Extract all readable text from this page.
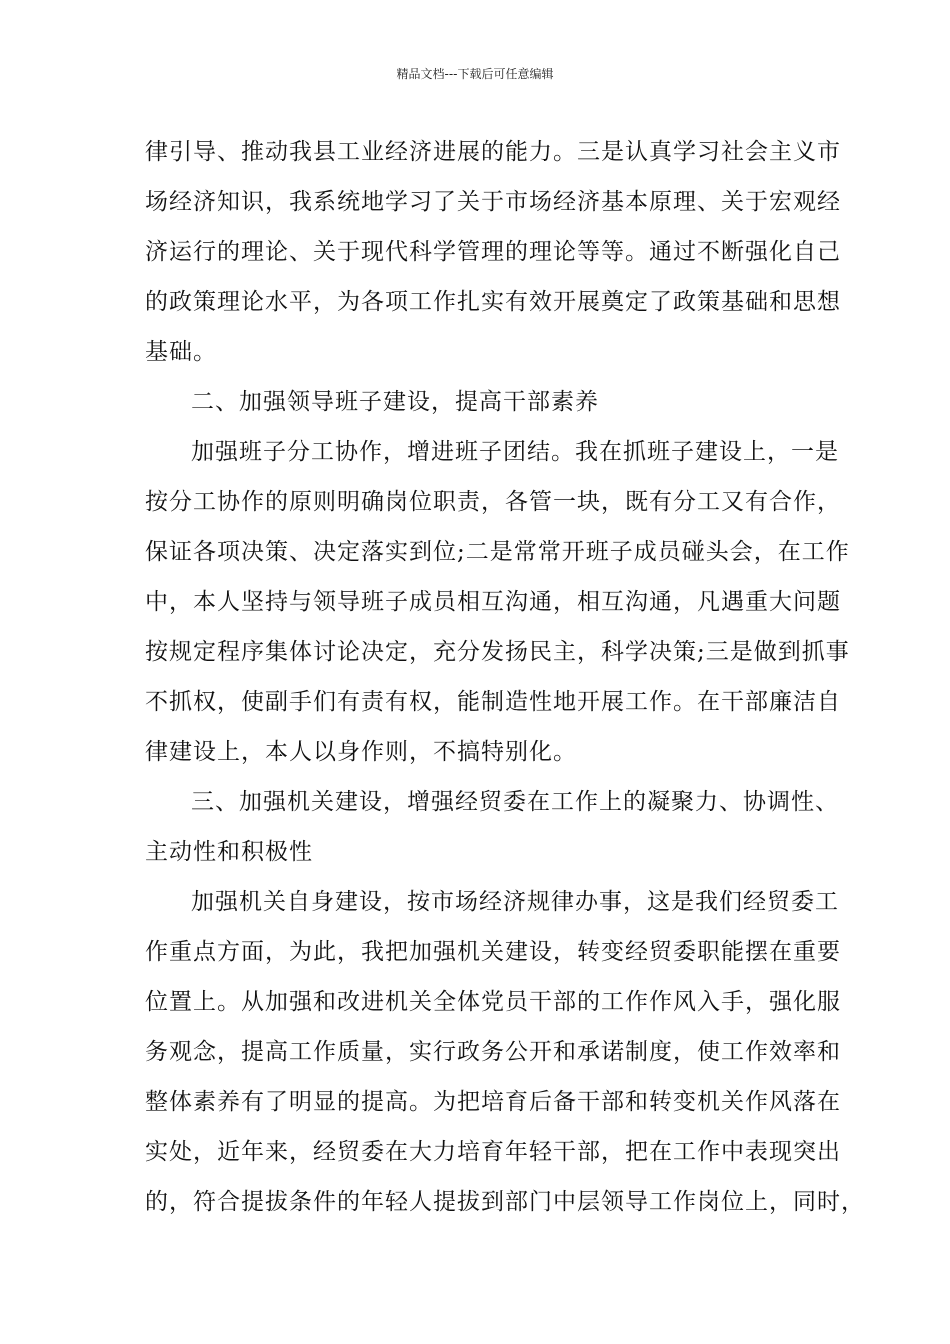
精品文档---下载后可任意编辑
律引导、推动我县工业经济进展的能力。三是认真学习社会主义市
场经济知识，我系统地学习了关于市场经济基本原理、关于宏观经
济运行的理论、关于现代科学管理的理论等等。通过不断强化自己
的政策理论水平，为各项工作扎实有效开展奠定了政策基础和思想
基础。
二、加强领导班子建设，提高干部素养
加强班子分工协作，增进班子团结。我在抓班子建设上，一是
按分工协作的原则明确岗位职责，各管一块，既有分工又有合作，
保证各项决策、决定落实到位;二是常常开班子成员碰头会，在工作
中，本人坚持与领导班子成员相互沟通，相互沟通，凡遇重大问题
按规定程序集体讨论决定，充分发扬民主，科学决策;三是做到抓事
不抓权，使副手们有责有权，能制造性地开展工作。在干部廉洁自
律建设上，本人以身作则，不搞特别化。
三、加强机关建设，增强经贸委在工作上的凝聚力、协调性、
主动性和积极性
加强机关自身建设，按市场经济规律办事，这是我们经贸委工
作重点方面，为此，我把加强机关建设，转变经贸委职能摆在重要
位置上。从加强和改进机关全体党员干部的工作作风入手，强化服
务观念，提高工作质量，实行政务公开和承诺制度，使工作效率和
整体素养有了明显的提高。为把培育后备干部和转变机关作风落在
实处，近年来，经贸委在大力培育年轻干部，把在工作中表现突出
的，符合提拔条件的年轻人提拔到部门中层领导工作岗位上，同时，
